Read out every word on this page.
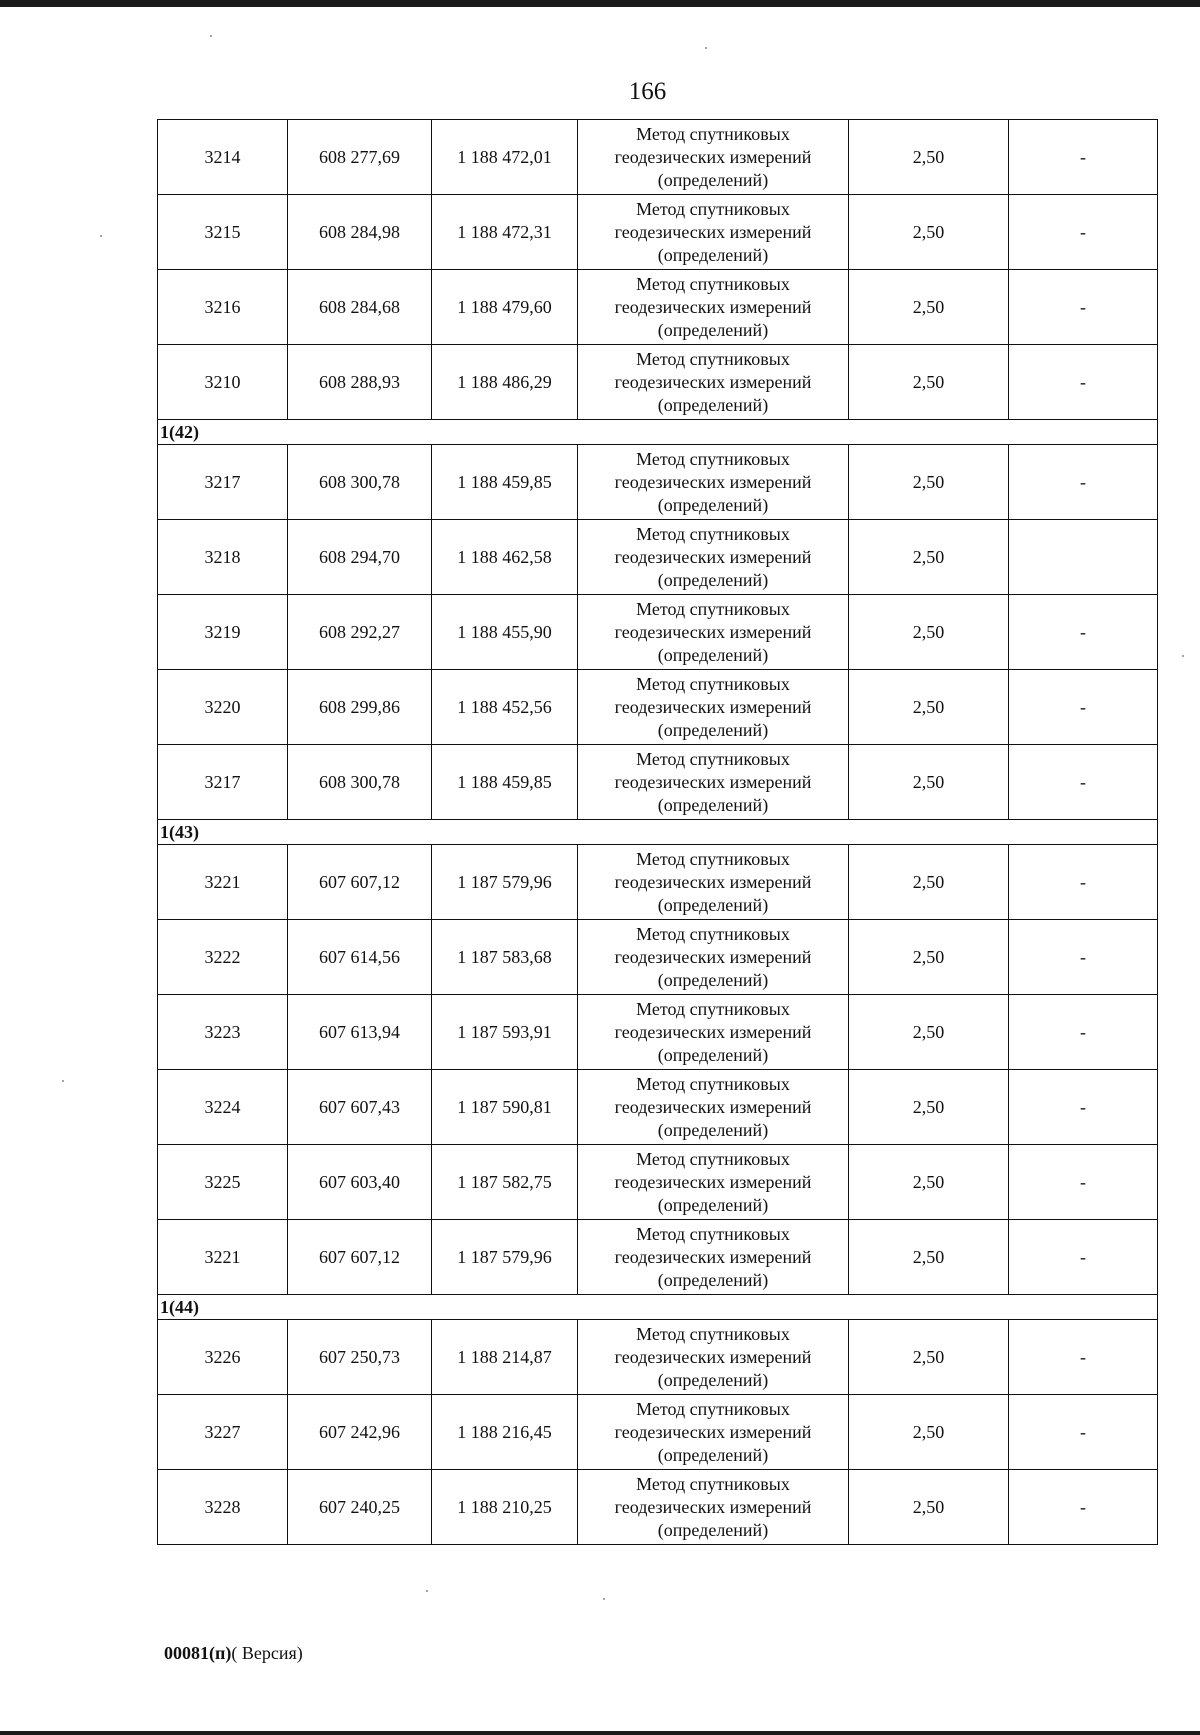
166
3214	608 277,69	1 188 472,01	Метод спутниковых
геодезических измерений
(определений)	2,50	-
3215	608 284,98	1 188 472,31	Метод спутниковых
геодезических измерений
(определений)	2,50	-
3216	608 284,68	1 188 479,60	Метод спутниковых
геодезических измерений
(определений)	2,50	-
3210	608 288,93	1 188 486,29	Метод спутниковых
геодезических измерений
(определений)	2,50	-
1(42)					
3217	608 300,78	1 188 459,85	Метод спутниковых
геодезических измерений
(определений)	2,50	-
3218	608 294,70	1 188 462,58	Метод спутниковых
геодезических измерений
(определений)	2,50	
3219	608 292,27	1 188 455,90	Метод спутниковых
геодезических измерений
(определений)	2,50	-
3220	608 299,86	1 188 452,56	Метод спутниковых
геодезических измерений
(определений)	2,50	-
3217	608 300,78	1 188 459,85	Метод спутниковых
геодезических измерений
(определений)	2,50	-
1(43)					
3221	607 607,12	1 187 579,96	Метод спутниковых
геодезических измерений
(определений)	2,50	-
3222	607 614,56	1 187 583,68	Метод спутниковых
геодезических измерений
(определений)	2,50	-
3223	607 613,94	1 187 593,91	Метод спутниковых
геодезических измерений
(определений)	2,50	-
3224	607 607,43	1 187 590,81	Метод спутниковых
геодезических измерений
(определений)	2,50	-
3225	607 603,40	1 187 582,75	Метод спутниковых
геодезических измерений
(определений)	2,50	-
3221	607 607,12	1 187 579,96	Метод спутниковых
геодезических измерений
(определений)	2,50	-
1(44)					
3226	607 250,73	1 188 214,87	Метод спутниковых
геодезических измерений
(определений)	2,50	-
3227	607 242,96	1 188 216,45	Метод спутниковых
геодезических измерений
(определений)	2,50	-
3228	607 240,25	1 188 210,25	Метод спутниковых
геодезических измерений
(определений)	2,50	-
00081(п)( Версия)
